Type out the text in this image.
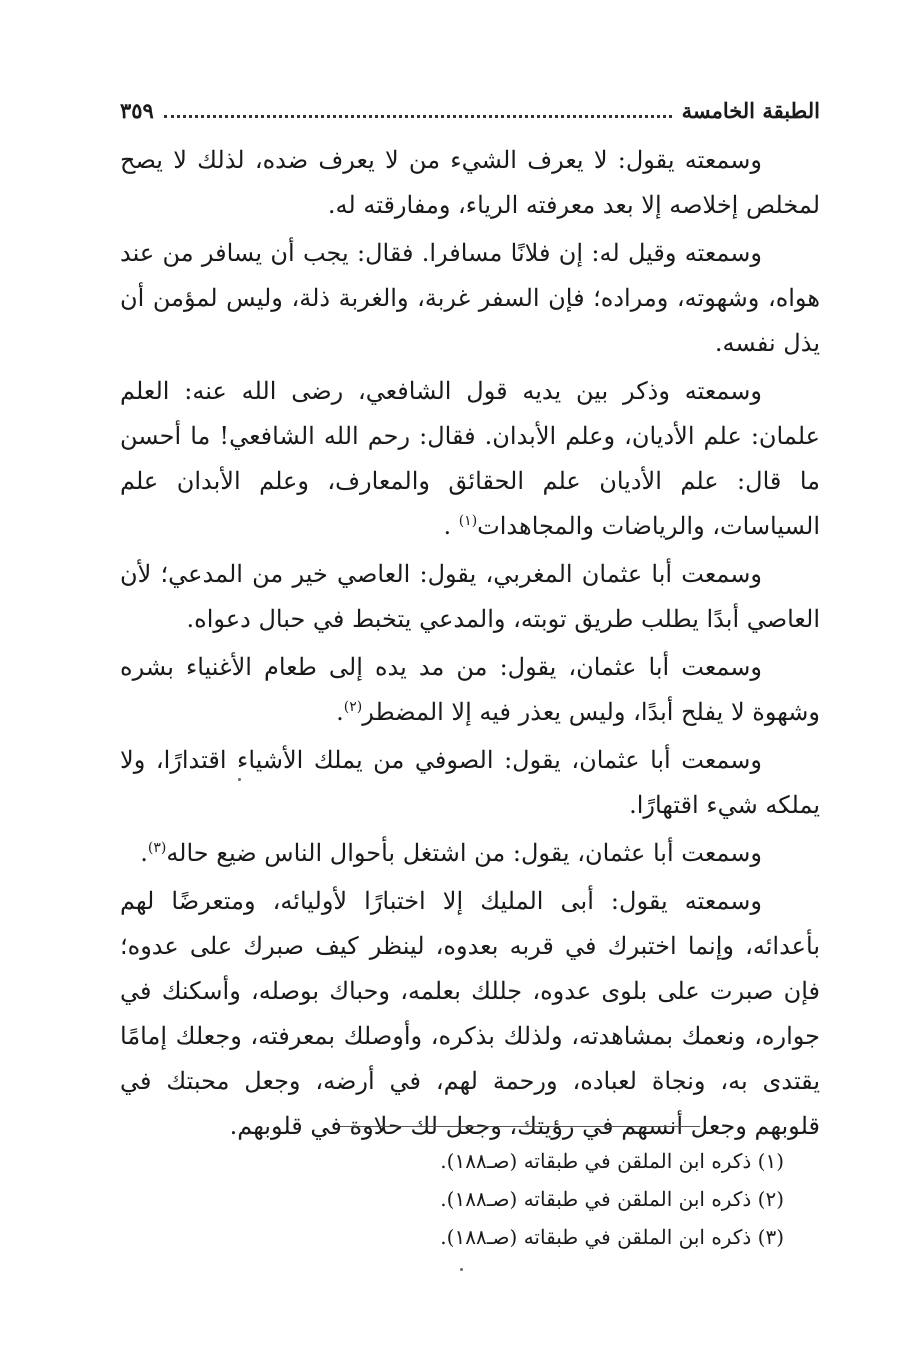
الطبقة الخامسة
٣٥٩

وسمعته يقول: لا يعرف الشيء من لا يعرف ضده، لذلك لا يصح لمخلص إخلاصه إلا بعد معرفته الرياء، ومفارقته له.

وسمعته وقيل له: إن فلانًا مسافرا. فقال: يجب أن يسافر من عند هواه، وشهوته، ومراده؛ فإن السفر غربة، والغربة ذلة، وليس لمؤمن أن يذل نفسه.

وسمعته وذكر بين يديه قول الشافعي، رضى الله عنه: العلم علمان: علم الأديان، وعلم الأبدان. فقال: رحم الله الشافعي! ما أحسن ما قال: علم الأديان علم الحقائق والمعارف، وعلم الأبدان علم السياسات، والرياضات والمجاهدات$^{(١)}$ .

وسمعت أبا عثمان المغربي، يقول: العاصي خير من المدعي؛ لأن العاصي أبدًا يطلب طريق توبته، والمدعي يتخبط في حبال دعواه.

وسمعت أبا عثمان، يقول: من مد يده إلى طعام الأغنياء بشره وشهوة لا يفلح أبدًا، وليس يعذر فيه إلا المضطر$^{(٢)}$.

وسمعت أبا عثمان، يقول: الصوفي من يملك الأشياء اقتدارًا، ولا يملكه شيء اقتهارًا.

وسمعت أبا عثمان، يقول: من اشتغل بأحوال الناس ضيع حاله$^{(٣)}$.

وسمعته يقول: أبى المليك إلا اختبارًا لأوليائه، ومتعرضًا لهم بأعدائه، وإنما اختبرك في قربه بعدوه، لينظر كيف صبرك على عدوه؛ فإن صبرت على بلوى عدوه، جللك بعلمه، وحباك بوصله، وأسكنك في جواره، ونعمك بمشاهدته، ولذلك بذكره، وأوصلك بمعرفته، وجعلك إمامًا يقتدى به، ونجاة لعباده، ورحمة لهم، في أرضه، وجعل محبتك في قلوبهم وجعل أنسهم في رؤيتك، وجعل لك حلاوة في قلوبهم.

(١) ذكره ابن الملقن في طبقاته (صـ١٨٨).

(٢) ذكره ابن الملقن في طبقاته (صـ١٨٨).

(٣) ذكره ابن الملقن في طبقاته (صـ١٨٨).
